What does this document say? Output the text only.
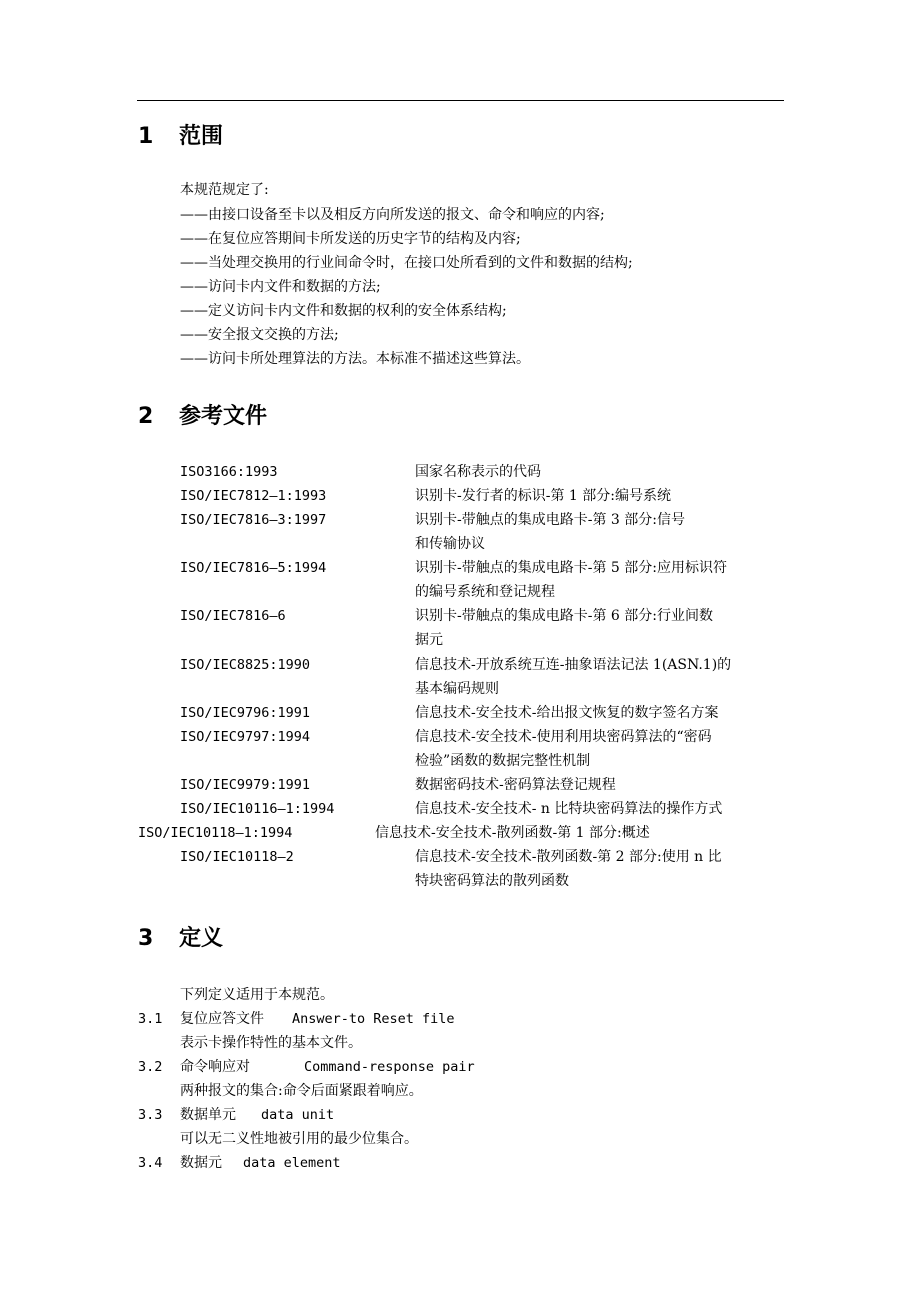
1 范围
本规范规定了:
——由接口设备至卡以及相反方向所发送的报文、命令和响应的内容;
——在复位应答期间卡所发送的历史字节的结构及内容;
——当处理交换用的行业间命令时，在接口处所看到的文件和数据的结构;
——访问卡内文件和数据的方法;
——定义访问卡内文件和数据的权利的安全体系结构;
——安全报文交换的方法;
——访问卡所处理算法的方法。本标准不描述这些算法。
2 参考文件
ISO3166:1993	国家名称表示的代码
ISO/IEC7812—1:1993	识别卡-发行者的标识-第 1 部分:编号系统
ISO/IEC7816—3:1997	识别卡-带触点的集成电路卡-第 3 部分:信号
和传输协议
ISO/IEC7816—5:1994	识别卡-带触点的集成电路卡-第 5 部分:应用标识符
的编号系统和登记规程
ISO/IEC7816—6	识别卡-带触点的集成电路卡-第 6 部分:行业间数
据元
ISO/IEC8825:1990	信息技术-开放系统互连-抽象语法记法 1(ASN.1)的
基本编码规则
ISO/IEC9796:1991	信息技术-安全技术-给出报文恢复的数字签名方案
ISO/IEC9797:1994	信息技术-安全技术-使用利用块密码算法的“密码
检验”函数的数据完整性机制
ISO/IEC9979:1991	数据密码技术-密码算法登记规程
ISO/IEC10116—1:1994	信息技术-安全技术- n 比特块密码算法的操作方式
ISO/IEC10118—1:1994	信息技术-安全技术-散列函数-第 1 部分:概述
ISO/IEC10118—2	信息技术-安全技术-散列函数-第 2 部分:使用 n 比
特块密码算法的散列函数
3 定义
下列定义适用于本规范。
3.1 复位应答文件 Answer-to Reset file
表示卡操作特性的基本文件。
3.2 命令响应对	Command-response pair
两种报文的集合:命令后面紧跟着响应。
3.3 数据单元 data unit
可以无二义性地被引用的最少位集合。
3.4 数据元 data element
